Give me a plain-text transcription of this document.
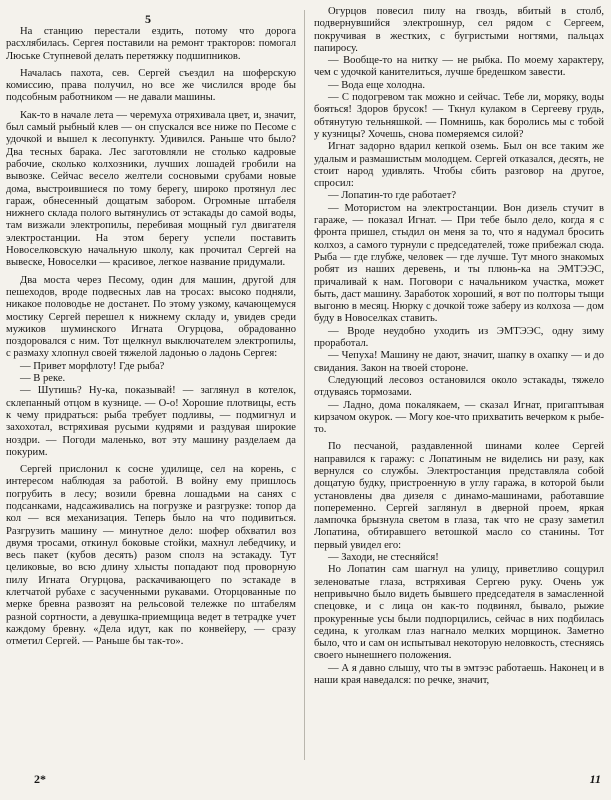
5

На станцию перестали ездить, потому что дорога расхлябилась. Сергея поставили на ремонт тракторов: помогал Люське Ступневой делать перетяжку подшипников.

Началась пахота, сев. Сергей съездил на шоферскую комиссию, права получил, но все же числился вроде бы подсобным работником — не давали машины.

Как-то в начале лета — черемуха отряхивала цвет, и, значит, был самый рыбный клев — он спускался все ниже по Песоме с удочкой и вышел к лесопункту. Удивился. Раньше что было? Два тесных барака. Лес заготовляли не столько кадровые рабочие, сколько колхозники, лучших лошадей гробили на вывозке. Сейчас весело желтели сосновыми срубами новые дома, выстроившиеся по тому берегу, широко протянул лес гараж, обнесенный дощатым забором. Огромные штабеля нижнего склада полого вытянулись от эстакады до самой воды, там визжали электропилы, перебивая мощный гул двигателя электростанции. На этом берегу успели поставить Новоселковскую начальную школу, как прочитал Сергей на вывеске, Новоселки — красивое, легкое название придумали.

Два моста через Песому, один для машин, другой для пешеходов, вроде подвесных лав на тросах: высоко подняли, никакое половодье не достанет. По этому узкому, качающемуся мостику Сергей перешел к нижнему складу и, увидев среди мужиков шуминского Игната Огурцова, обрадованно поздоровался с ним. Тот щелкнул выключателем электропилы, с размаху хлопнул своей тяжелой ладонью о ладонь Сергея:

— Привет морфлоту! Где рыба?

— В реке.

— Шутишь? Ну-ка, показывай! — заглянул в котелок, склепанный отцом в кузнице. — О-о! Хорошие плотвицы, есть к чему придраться: рыба требует подливы, — подмигнул и захохотал, встряхивая русыми кудрями и раздувая широкие ноздри. — Погоди маленько, вот эту машину разделаем да покурим.

Сергей прислонил к сосне удилище, сел на корень, с интересом наблюдая за работой. В войну ему пришлось погрубить в лесу; возили бревна лошадьми на санях с подсанками, надсаживались на погрузке и разгрузке: топор да кол — вся механизация. Теперь было на что подивиться. Разгрузить машину — минутное дело: шофер обхватил воз двумя тросами, откинул боковые стойки, махнул лебедчику, и весь пакет (кубов десять) разом сполз на эстакаду. Тут целиковые, во всю длину хлысты попадают под проворную пилу Игната Огурцова, раскачивающего по эстакаде в клетчатой рубахе с засученными рукавами. Оторцованные по мерке бревна развозят на рельсовой тележке по штабелям разной сортности, а девушка-приемщица ведет в тетрадке учет каждому бревну. «Дела идут, как по конвейеру, — сразу отметил Сергей. — Раньше бы так-то».

Огурцов повесил пилу на гвоздь, вбитый в столб, подвернувшийся электрошнур, сел рядом с Сергеем, покручивая в жестких, с бугристыми ногтями, пальцах папиросу.

— Вообще-то на нитку — не рыбка. По моему характеру, чем с удочкой канителиться, лучше бредешком завести.

— Вода еще холодна.

— С подогревом так можно и сейчас. Тебе ли, моряку, воды бояться! Здоров брусок! — Ткнул кулаком в Сергееву грудь, обтянутую тельняшкой. — Помнишь, как боролись мы с тобой у кузницы? Хочешь, снова померяемся силой?

Игнат задорно вдарил кепкой оземь. Был он все таким же удалым и размашистым молодцем. Сергей отказался, десять, не стоит народ удивлять. Чтобы сбить разговор на другое, спросил:

— Лопатин-то где работает?

— Мотористом на электростанции. Вон дизель стучит в гараже, — показал Игнат. — При тебе было дело, когда я с фронта пришел, стыдил он меня за то, что я надумал бросить колхоз, а самого турнули с председателей, тоже прибежал сюда. Рыба — где глубже, человек — где лучше. Тут много знакомых робят из наших деревень, и ты плюнь-ка на ЭМТЭЭС, причаливай к нам. Поговори с начальником участка, может быть, даст машину. Заработок хороший, я вот по полторы тыщи выгоню в месяц. Нюрку с дочкой тоже заберу из колхоза — дом буду в Новоселках ставить.

— Вроде неудобно уходить из ЭМТЭЭС, одну зиму проработал.

— Чепуха! Машину не дают, значит, шапку в охапку — и до свидания. Закон на твоей стороне.

Следующий лесовоз остановился около эстакады, тяжело отдуваясь тормозами.

— Ладно, дома покалякаем, — сказал Игнат, пригаптывая кирзачом окурок. — Могу кое-что прихватить вечерком к рыбе-то.

По песчаной, раздавленной шинами колее Сергей направился к гаражу: с Лопатиным не виделись ни разу, как вернулся со службы. Электростанция представляла собой дощатую будку, пристроенную в углу гаража, в которой были установлены два дизеля с динамо-машинами, работавшие попеременно. Сергей заглянул в дверной проем, яркая лампочка брызнула светом в глаза, так что не сразу заметил Лопатина, обтиравшего ветошкой масло со станины. Тот первый увидел его:

— Заходи, не стесняйся!

Но Лопатин сам шагнул на улицу, приветливо сощурил зеленоватые глаза, встряхивая Сергею руку. Очень уж непривычно было видеть бывшего председателя в замасленной спецовке, и с лица он как-то подвинял, бывало, рыжие прокуренные усы были подпорцились, сейчас в них подбилась седина, к уголкам глаз нагнало мелких морщинок. Заметно было, что и сам он испытывал некоторую неловкость, стесняясь своего нынешнего положения.

— А я давно слышу, что ты в эмтээс работаешь. Наконец и в наши края наведался: по речке, значит,

2*	11
